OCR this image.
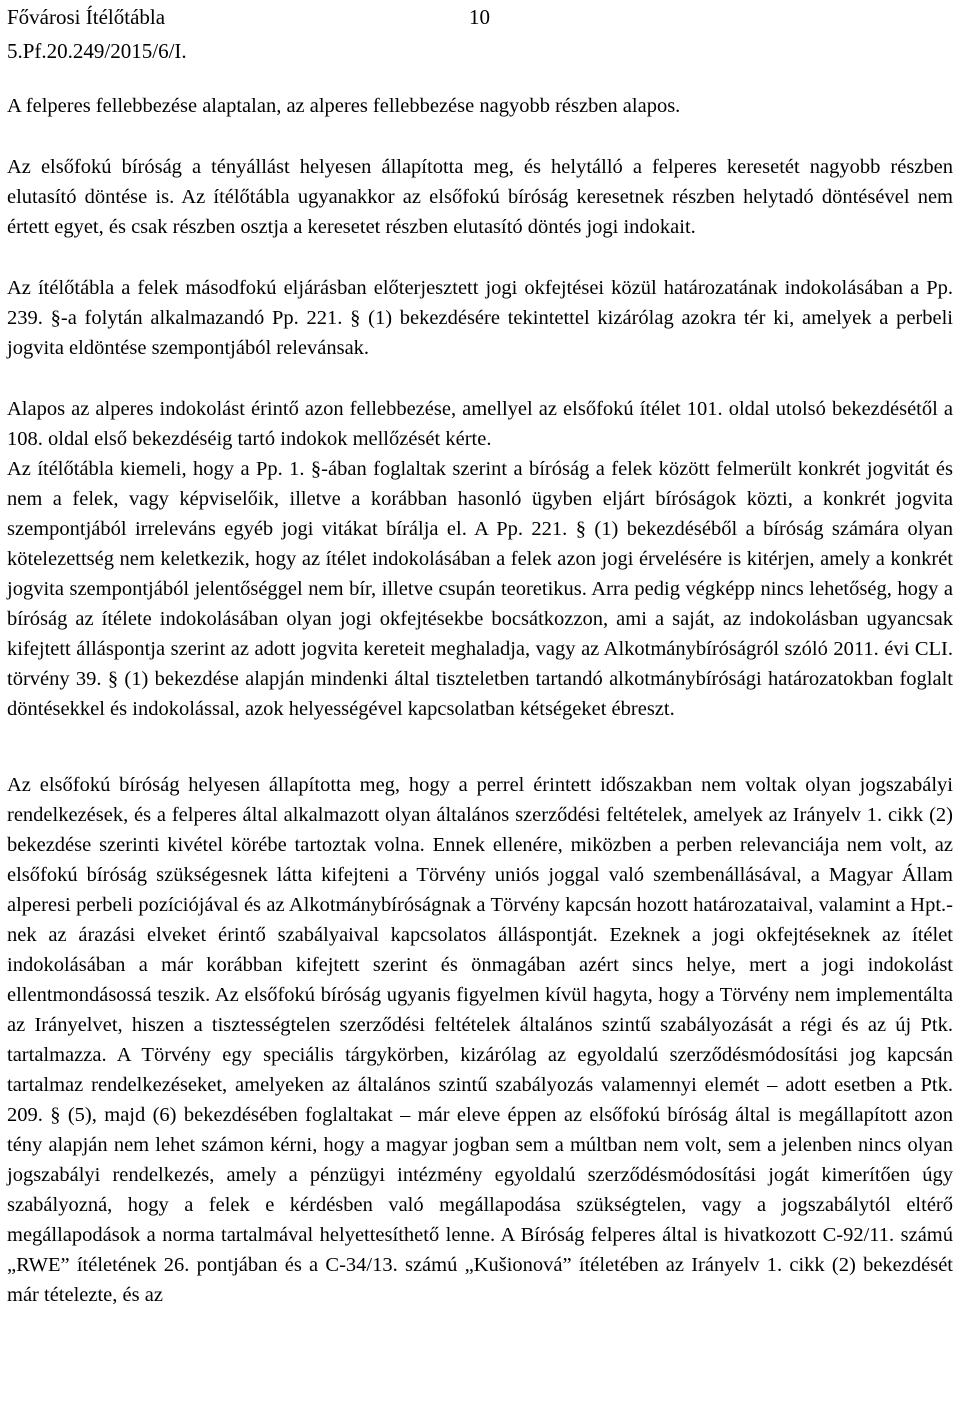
Fővárosi Ítélőtábla
5.Pf.20.249/2015/6/I.
10

A felperes fellebbezése alaptalan, az alperes fellebbezése nagyobb részben alapos.

Az elsőfokú bíróság a tényállást helyesen állapította meg, és helytálló a felperes keresetét nagyobb részben elutasító döntése is. Az ítélőtábla ugyanakkor az elsőfokú bíróság keresetnek részben helytadó döntésével nem értett egyet, és csak részben osztja a keresetet részben elutasító döntés jogi indokait.

Az ítélőtábla a felek másodfokú eljárásban előterjesztett jogi okfejtései közül határozatának indokolásában a Pp. 239. §-a folytán alkalmazandó Pp. 221. § (1) bekezdésére tekintettel kizárólag azokra tér ki, amelyek a perbeli jogvita eldöntése szempontjából relevánsak.

Alapos az alperes indokolást érintő azon fellebbezése, amellyel az elsőfokú ítélet 101. oldal utolsó bekezdésétől a 108. oldal első bekezdéséig tartó indokok mellőzését kérte.

Az ítélőtábla kiemeli, hogy a Pp. 1. §-ában foglaltak szerint a bíróság a felek között felmerült konkrét jogvitát és nem a felek, vagy képviselőik, illetve a korábban hasonló ügyben eljárt bíróságok közti, a konkrét jogvita szempontjából irreleváns egyéb jogi vitákat bírálja el. A Pp. 221. § (1) bekezdéséből a bíróság számára olyan kötelezettség nem keletkezik, hogy az ítélet indokolásában a felek azon jogi érvelésére is kitérjen, amely a konkrét jogvita szempontjából jelentőséggel nem bír, illetve csupán teoretikus. Arra pedig végképp nincs lehetőség, hogy a bíróság az ítélete indokolásában olyan jogi okfejtésekbe bocsátkozzon, ami a saját, az indokolásban ugyancsak kifejtett álláspontja szerint az adott jogvita kereteit meghaladja, vagy az Alkotmánybíróságról szóló 2011. évi CLI. törvény 39. § (1) bekezdése alapján mindenki által tiszteletben tartandó alkotmánybírósági határozatokban foglalt döntésekkel és indokolással, azok helyességével kapcsolatban kétségeket ébreszt.

Az elsőfokú bíróság helyesen állapította meg, hogy a perrel érintett időszakban nem voltak olyan jogszabályi rendelkezések, és a felperes által alkalmazott olyan általános szerződési feltételek, amelyek az Irányelv 1. cikk (2) bekezdése szerinti kivétel körébe tartoztak volna. Ennek ellenére, miközben a perben relevanciája nem volt, az elsőfokú bíróság szükségesnek látta kifejteni a Törvény uniós joggal való szembenállásával, a Magyar Állam alperesi perbeli pozíciójával és az Alkotmánybíróságnak a Törvény kapcsán hozott határozataival, valamint a Hpt.-nek az árazási elveket érintő szabályaival kapcsolatos álláspontját. Ezeknek a jogi okfejtéseknek az ítélet indokolásában a már korábban kifejtett szerint és önmagában azért sincs helye, mert a jogi indokolást ellentmondásossá teszik. Az elsőfokú bíróság ugyanis figyelmen kívül hagyta, hogy a Törvény nem implementálta az Irányelvet, hiszen a tisztességtelen szerződési feltételek általános szintű szabályozását a régi és az új Ptk. tartalmazza. A Törvény egy speciális tárgykörben, kizárólag az egyoldalú szerződésmódosítási jog kapcsán tartalmaz rendelkezéseket, amelyeken az általános szintű szabályozás valamennyi elemét – adott esetben a Ptk. 209. § (5), majd (6) bekezdésében foglaltakat – már eleve éppen az elsőfokú bíróság által is megállapított azon tény alapján nem lehet számon kérni, hogy a magyar jogban sem a múltban nem volt, sem a jelenben nincs olyan jogszabályi rendelkezés, amely a pénzügyi intézmény egyoldalú szerződésmódosítási jogát kimerítően úgy szabályozná, hogy a felek e kérdésben való megállapodása szükségtelen, vagy a jogszabálytól eltérő megállapodások a norma tartalmával helyettesíthető lenne. A Bíróság felperes által is hivatkozott C-92/11. számú „RWE” ítéletének 26. pontjában és a C-34/13. számú „Kušionová” ítéletében az Irányelv 1. cikk (2) bekezdését már tételezte, és az
